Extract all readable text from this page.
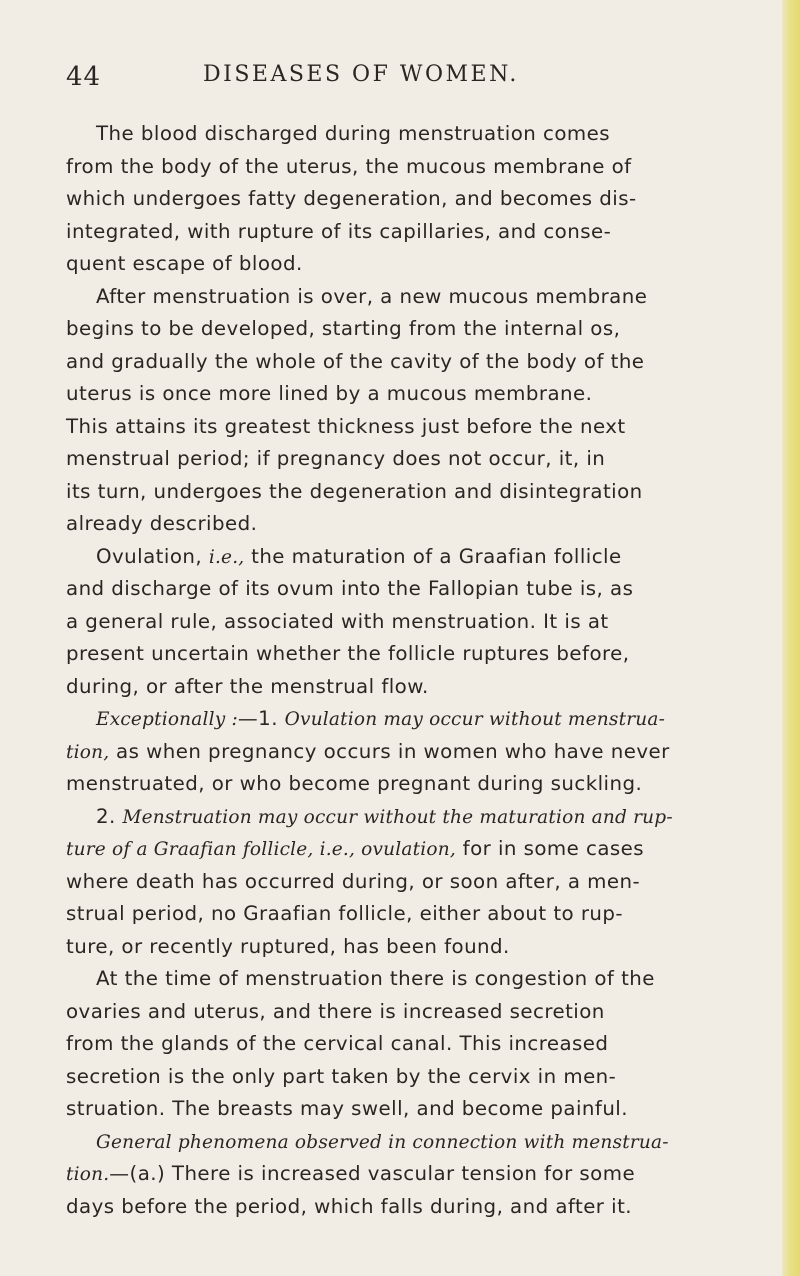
44	DISEASES OF WOMEN.
The blood discharged during menstruation comes
from the body of the uterus, the mucous membrane of
which undergoes fatty degeneration, and becomes dis-
integrated, with rupture of its capillaries, and conse-
quent escape of blood.
After menstruation is over, a new mucous membrane
begins to be developed, starting from the internal os,
and gradually the whole of the cavity of the body of the
uterus is once more lined by a mucous membrane.
This attains its greatest thickness just before the next
menstrual period; if pregnancy does not occur, it, in
its turn, undergoes the degeneration and disintegration
already described.
Ovulation, i.e., the maturation of a Graafian follicle
and discharge of its ovum into the Fallopian tube is, as
a general rule, associated with menstruation. It is at
present uncertain whether the follicle ruptures before,
during, or after the menstrual flow.
Exceptionally :—1. Ovulation may occur without menstrua-
tion, as when pregnancy occurs in women who have never
menstruated, or who become pregnant during suckling.
2. Menstruation may occur without the maturation and rup-
ture of a Graafian follicle, i.e., ovulation, for in some cases
where death has occurred during, or soon after, a men-
strual period, no Graafian follicle, either about to rup-
ture, or recently ruptured, has been found.
At the time of menstruation there is congestion of the
ovaries and uterus, and there is increased secretion
from the glands of the cervical canal. This increased
secretion is the only part taken by the cervix in men-
struation. The breasts may swell, and become painful.
General phenomena observed in connection with menstrua-
tion.—(a.) There is increased vascular tension for some
days before the period, which falls during, and after it.
